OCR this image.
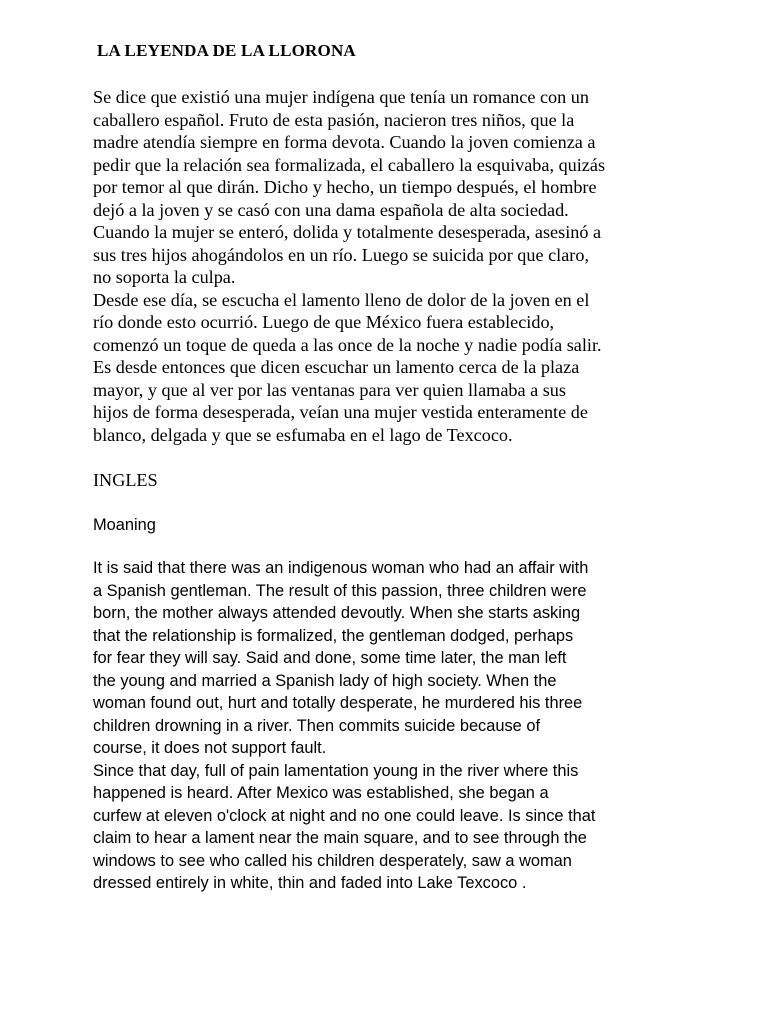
LA LEYENDA DE LA LLORONA
Se dice que existió una mujer indígena que tenía un romance con un
caballero español. Fruto de esta pasión, nacieron tres niños, que la
madre atendía siempre en forma devota. Cuando la joven comienza a
pedir que la relación sea formalizada, el caballero la esquivaba, quizás
por temor al que dirán. Dicho y hecho, un tiempo después, el hombre
dejó a la joven y se casó con una dama española de alta sociedad.
Cuando la mujer se enteró, dolida y totalmente desesperada, asesinó a
sus tres hijos ahogándolos en un río. Luego se suicida por que claro,
no soporta la culpa.
Desde ese día, se escucha el lamento lleno de dolor de la joven en el
río donde esto ocurrió. Luego de que México fuera establecido,
comenzó un toque de queda a las once de la noche y nadie podía salir.
Es desde entonces que dicen escuchar un lamento cerca de la plaza
mayor, y que al ver por las ventanas para ver quien llamaba a sus
hijos de forma desesperada, veían una mujer vestida enteramente de
blanco, delgada y que se esfumaba en el lago de Texcoco.
INGLES
Moaning
It is said that there was an indigenous woman who had an affair with
a Spanish gentleman. The result of this passion, three children were
born, the mother always attended devoutly. When she starts asking
that the relationship is formalized, the gentleman dodged, perhaps
for fear they will say. Said and done, some time later, the man left
the young and married a Spanish lady of high society. When the
woman found out, hurt and totally desperate, he murdered his three
children drowning in a river. Then commits suicide because of
course, it does not support fault.
Since that day, full of pain lamentation young in the river where this
happened is heard. After Mexico was established, she began a
curfew at eleven o'clock at night and no one could leave. Is since that
claim to hear a lament near the main square, and to see through the
windows to see who called his children desperately, saw a woman
dressed entirely in white, thin and faded into Lake Texcoco .
